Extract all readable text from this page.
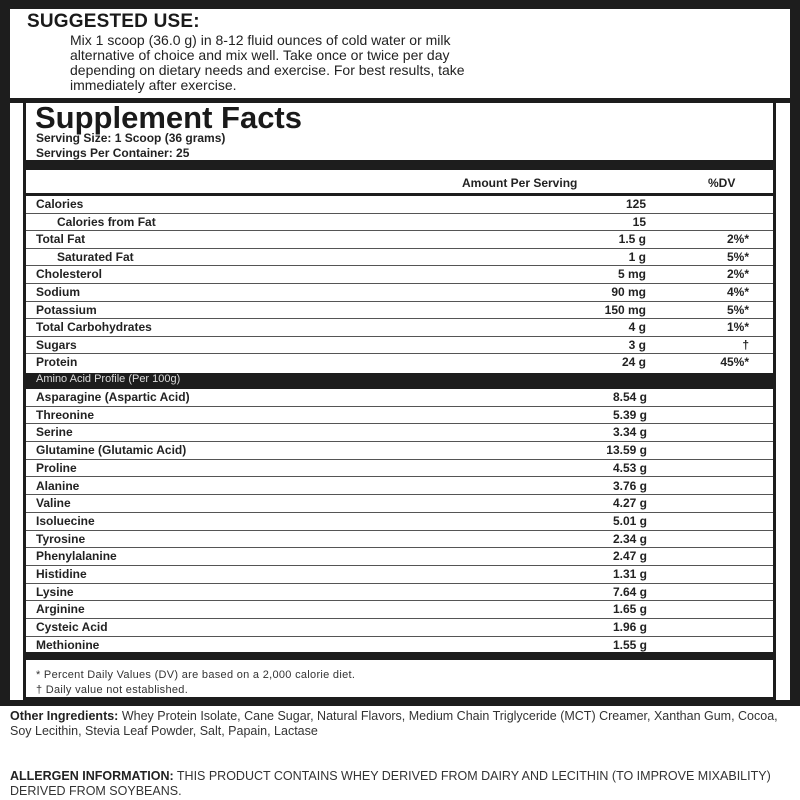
SUGGESTED USE:
Mix 1 scoop (36.0 g) in 8-12 fluid ounces of cold water or milk
alternative of choice and mix well. Take once or twice per day
depending on dietary needs and exercise. For best results, take
immediately after exercise.
Supplement Facts
Serving Size: 1 Scoop (36 grams)
Servings Per Container: 25
Amount Per Serving	%DV
Calories	125
Calories from Fat	15
Total Fat	1.5 g	2%*
Saturated Fat	1 g	5%*
Cholesterol	5 mg	2%*
Sodium	90 mg	4%*
Potassium	150 mg	5%*
Total Carbohydrates	4 g	1%*
Sugars	3 g	†
Protein	24 g	45%*
Amino Acid Profile (Per 100g)
Asparagine (Aspartic Acid)	8.54 g
Threonine	5.39 g
Serine	3.34 g
Glutamine (Glutamic Acid)	13.59 g
Proline	4.53 g
Alanine	3.76 g
Valine	4.27 g
Isoluecine	5.01 g
Tyrosine	2.34 g
Phenylalanine	2.47 g
Histidine	1.31 g
Lysine	7.64 g
Arginine	1.65 g
Cysteic Acid	1.96 g
Methionine	1.55 g
* Percent Daily Values (DV) are based on a 2,000 calorie diet.
† Daily value not established.
Other Ingredients: Whey Protein Isolate, Cane Sugar, Natural Flavors, Medium Chain Triglyceride (MCT) Creamer, Xanthan Gum, Cocoa, Soy Lecithin, Stevia Leaf Powder, Salt, Papain, Lactase
ALLERGEN INFORMATION: THIS PRODUCT CONTAINS WHEY DERIVED FROM DAIRY AND LECITHIN (TO IMPROVE MIXABILITY) DERIVED FROM SOYBEANS.
